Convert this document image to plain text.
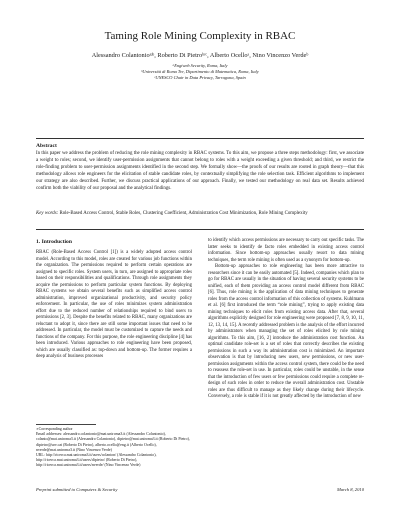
Taming Role Mining Complexity in RBAC
Alessandro Colantonioᵃʲᵇ, Roberto Di Pietroᵇʳᶜ, Alberto Ocelloᵃ, Nino Vincenzo Verdeᵇ
ᵃEngiweb Security, Roma, Italy
ᵇUniversità di Roma Tre, Dipartimento di Matematica, Roma, Italy
ᶜUNESCO Chair in Data Privacy, Tarragona, Spain
Abstract
In this paper we address the problem of reducing the role mining complexity in RBAC systems. To this aim, we propose a three steps methodology: first, we associate a weight to roles; second, we identify user-permission assignments that cannot belong to roles with a weight exceeding a given threshold; and third, we restrict the role-finding problem to user-permission assignments identified in the second step. We formally show—the proofs of our results are rooted in graph theory—that this methodology allows role engineers for the elicitation of stable candidate roles, by contextually simplifying the role selection task. Efficient algorithms to implement our strategy are also described. Further, we discuss practical applications of our approach. Finally, we tested our methodology on real data set. Results achieved confirm both the viability of our proposal and the analytical findings.
Key words: Role-Based Access Control, Stable Roles, Clustering Coefficient, Administration Cost Minimization, Role Mining Complexity
1. Introduction

RBAC (Role-Based Access Control [1]) is a widely adopted access control model. According to this model, roles are created for various job functions within the organization. The permissions required to perform certain operations are assigned to specific roles. System users, in turn, are assigned to appropriate roles based on their responsibilities and qualifications. Through role assignments they acquire the permissions to perform particular system functions. By deploying RBAC systems we obtain several benefits such as simplified access control administration, improved organizational productivity, and security policy enforcement. In particular, the use of roles minimizes system administration effort due to the reduced number of relationships required to bind users to permissions [2, 3]. Despite the benefits related to RBAC, many organizations are reluctant to adopt it, since there are still some important issues that need to be addressed. In particular, the model must be customized to capture the needs and functions of the company. For this purpose, the role engineering discipline [4] has been introduced. Various approaches to role engineering have been proposed, which are usually classified as: top-down and bottom-up. The former requires a deep analysis of business processes

to identify which access permissions are necessary to carry out specific tasks. The latter seeks to identify de facto roles embedded in existing access control information. Since bottom-up approaches usually resort to data mining techniques, the term role mining is often used as a synonym for bottom-up.

Bottom-up approaches to role engineering has been more attractive to researchers since it can be easily automated [5]. Indeed, companies which plan to go for RBAC are usually in the situation of having several security systems to be unified, each of them providing an access control model different from RBAC [6]. Thus, role mining is the application of data mining techniques to generate roles from the access control information of this collection of systems. Kuhlmann et al. [6] first introduced the term “role mining”, trying to apply existing data mining techniques to elicit roles from existing access data. After that, several algorithms explicitly designed for role engineering were proposed [7, 8, 9, 10, 11, 12, 13, 14, 15]. A recently addressed problem is the analysis of the effort incurred by administrators when managing the set of roles elicited by role mining algorithms. To this aim, [16, 2] introduce the administration cost function. An optimal candidate role-set is a set of roles that correctly describes the existing permissions in such a way its administration cost is minimized. An important observation is that by introducing new users, new permissions, or new user-permission assignments within the access control system, there could be the need to reassess the role-set in use. In particular, roles could be unstable, in the sense that the introduction of few users or few permissions could require a complete re-design of such roles in order to reduce the overall administration cost. Unstable roles are thus difficult to manage as they likely change during their lifecycle. Conversely, a role is stable if it is not greatly affected by the introduction of new

∗Corresponding author
Email addresses: alessandro.colantonio@mat.uniroma3.it (Alessandro Colantonio), colanto@mat.uniroma3.it (Alessandro Colantonio), dipietro@mat.uniroma3.it (Roberto Di Pietro), dipietro@urv.cat (Roberto Di Pietro), alberto.ocello@eng.it (Alberto Ocello), nverde@mat.uniroma3.it (Nino Vincenzo Verde)
URL: http://ricerca.mat.uniroma3.it/users/colanton/ (Alessandro Colantonio), http://ricerca.mat.uniroma3.it/users/dipietro/ (Roberto Di Pietro), http://ricerca.mat.uniroma3.it/users/nverde/ (Nino Vincenzo Verde)
Preprint submitted to Computers & Security	March 8, 2010
